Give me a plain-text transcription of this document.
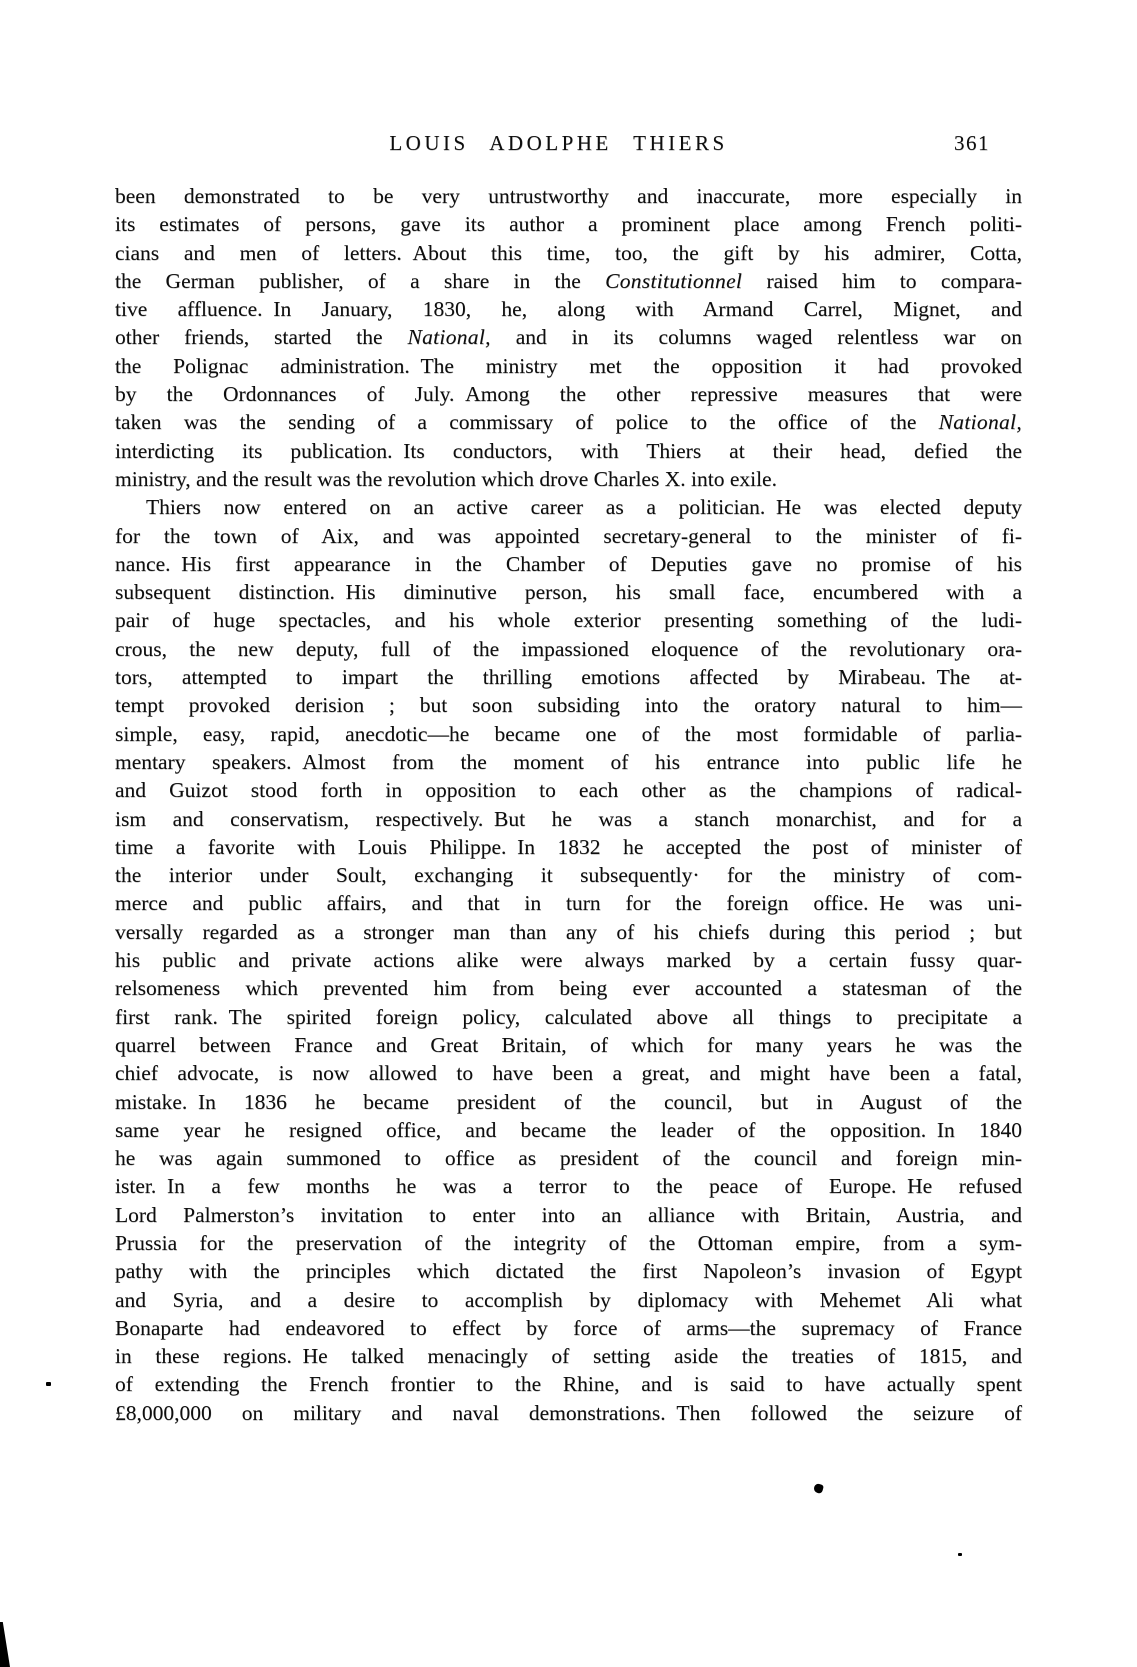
LOUIS ADOLPHE THIERS	361
been demonstrated to be very untrustworthy and inaccurate, more especially in
its estimates of persons, gave its author a prominent place among French politi-
cians and men of letters. About this time, too, the gift by his admirer, Cotta,
the German publisher, of a share in the Constitutionnel raised him to compara-
tive affluence. In January, 1830, he, along with Armand Carrel, Mignet, and
other friends, started the National, and in its columns waged relentless war on
the Polignac administration. The ministry met the opposition it had provoked
by the Ordonnances of July. Among the other repressive measures that were
taken was the sending of a commissary of police to the office of the National,
interdicting its publication. Its conductors, with Thiers at their head, defied the
ministry, and the result was the revolution which drove Charles X. into exile.
Thiers now entered on an active career as a politician. He was elected deputy
for the town of Aix, and was appointed secretary-general to the minister of fi-
nance. His first appearance in the Chamber of Deputies gave no promise of his
subsequent distinction. His diminutive person, his small face, encumbered with a
pair of huge spectacles, and his whole exterior presenting something of the ludi-
crous, the new deputy, full of the impassioned eloquence of the revolutionary ora-
tors, attempted to impart the thrilling emotions affected by Mirabeau. The at-
tempt provoked derision ; but soon subsiding into the oratory natural to him—
simple, easy, rapid, anecdotic—he became one of the most formidable of parlia-
mentary speakers. Almost from the moment of his entrance into public life he
and Guizot stood forth in opposition to each other as the champions of radical-
ism and conservatism, respectively. But he was a stanch monarchist, and for a
time a favorite with Louis Philippe. In 1832 he accepted the post of minister of
the interior under Soult, exchanging it subsequently· for the ministry of com-
merce and public affairs, and that in turn for the foreign office. He was uni-
versally regarded as a stronger man than any of his chiefs during this period ; but
his public and private actions alike were always marked by a certain fussy quar-
relsomeness which prevented him from being ever accounted a statesman of the
first rank. The spirited foreign policy, calculated above all things to precipitate a
quarrel between France and Great Britain, of which for many years he was the
chief advocate, is now allowed to have been a great, and might have been a fatal,
mistake. In 1836 he became president of the council, but in August of the
same year he resigned office, and became the leader of the opposition. In 1840
he was again summoned to office as president of the council and foreign min-
ister. In a few months he was a terror to the peace of Europe. He refused
Lord Palmerston’s invitation to enter into an alliance with Britain, Austria, and
Prussia for the preservation of the integrity of the Ottoman empire, from a sym-
pathy with the principles which dictated the first Napoleon’s invasion of Egypt
and Syria, and a desire to accomplish by diplomacy with Mehemet Ali what
Bonaparte had endeavored to effect by force of arms—the supremacy of France
in these regions. He talked menacingly of setting aside the treaties of 1815, and
of extending the French frontier to the Rhine, and is said to have actually spent
£8,000,000 on military and naval demonstrations. Then followed the seizure of
